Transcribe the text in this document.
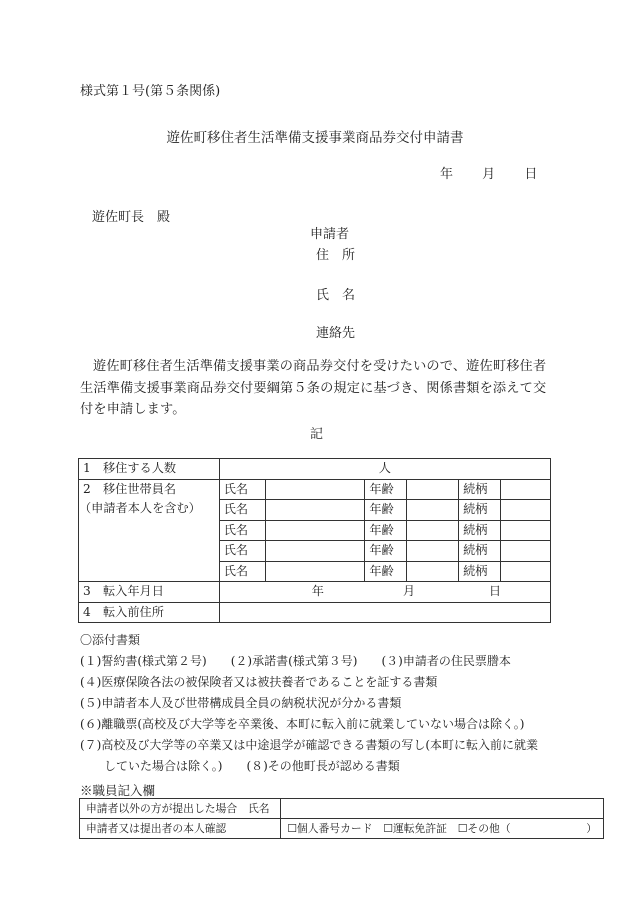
様式第１号(第５条関係)
遊佐町移住者生活準備支援事業商品券交付申請書
年 月 日
遊佐町長　殿
申請者
住　所
氏　名
連絡先
遊佐町移住者生活準備支援事業の商品券交付を受けたいので、遊佐町移住者生活準備支援事業商品券交付要綱第５条の規定に基づき、関係書類を添えて交付を申請します。
記
1　移住する人数	人					

2　移住世帯員名
（申請者本人を含む）	氏名		年齢		続柄	
	氏名		年齢		続柄	
	氏名		年齢		続柄	
	氏名		年齢		続柄	
	氏名		年齢		続柄	
3　転入年月日	年 月 日					
4　転入前住所						
〇添付書類
(１)誓約書(様式第２号)　　(２)承諾書(様式第３号)　　(３)申請者の住民票謄本
(４)医療保険各法の被保険者又は被扶養者であることを証する書類
(５)申請者本人及び世帯構成員全員の納税状況が分かる書類
(６)離職票(高校及び大学等を卒業後、本町に転入前に就業していない場合は除く。)
(７)高校及び大学等の卒業又は中途退学が確認できる書類の写し(本町に転入前に就業
　　していた場合は除く。)　　(８)その他町長が認める書類
※職員記入欄
申請者以外の方が提出した場合　氏名	
申請者又は提出者の本人確認	☐個人番号カード　☐運転免許証　☐その他（　　　　　　　）
